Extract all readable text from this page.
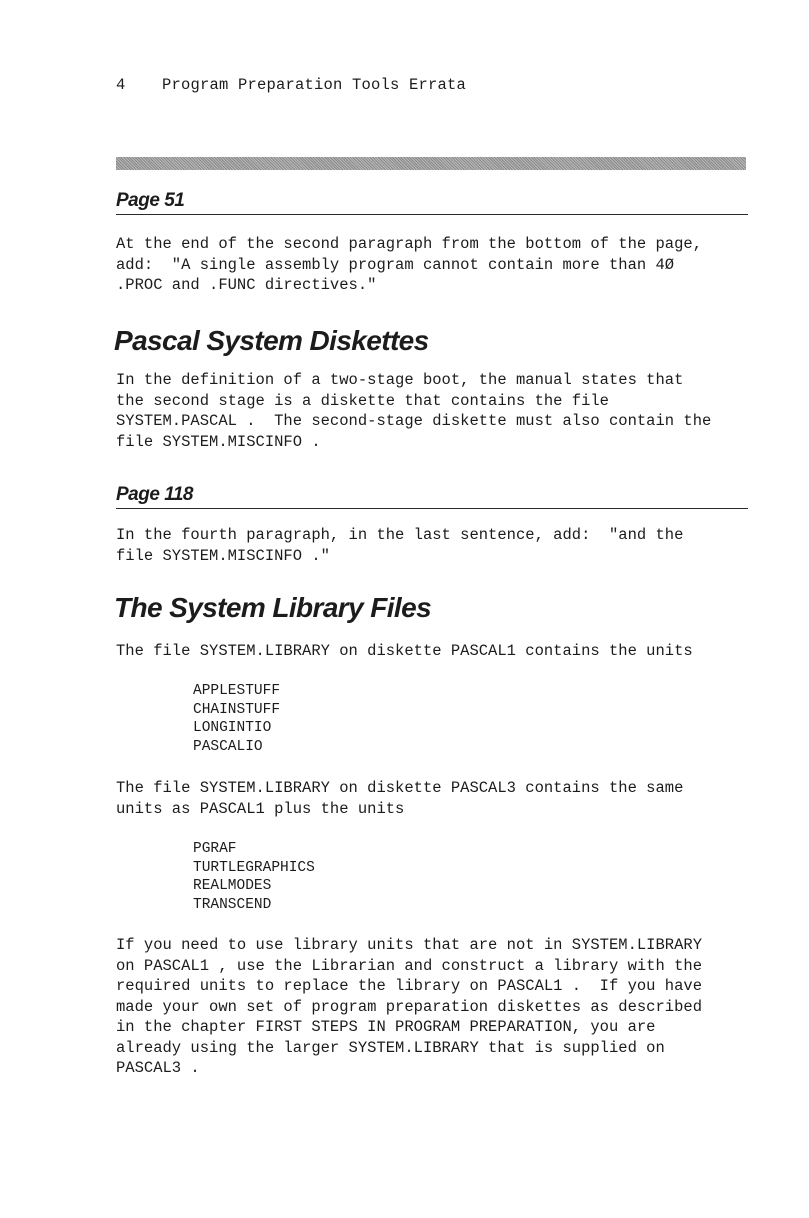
4 Program Preparation Tools Errata
Page 51

At the end of the second paragraph from the bottom of the page,
add:  "A single assembly program cannot contain more than 4Ø
.PROC and .FUNC directives."

Pascal System Diskettes

In the definition of a two-stage boot, the manual states that
the second stage is a diskette that contains the file
SYSTEM.PASCAL .  The second-stage diskette must also contain the
file SYSTEM.MISCINFO .

Page 118

In the fourth paragraph, in the last sentence, add:  "and the
file SYSTEM.MISCINFO ."

The System Library Files

The file SYSTEM.LIBRARY on diskette PASCAL1 contains the units

APPLESTUFF
CHAINSTUFF
LONGINTIO
PASCALIO

The file SYSTEM.LIBRARY on diskette PASCAL3 contains the same
units as PASCAL1 plus the units

PGRAF
TURTLEGRAPHICS
REALMODES
TRANSCEND

If you need to use library units that are not in SYSTEM.LIBRARY
on PASCAL1 , use the Librarian and construct a library with the
required units to replace the library on PASCAL1 .  If you have
made your own set of program preparation diskettes as described
in the chapter FIRST STEPS IN PROGRAM PREPARATION, you are
already using the larger SYSTEM.LIBRARY that is supplied on
PASCAL3 .
